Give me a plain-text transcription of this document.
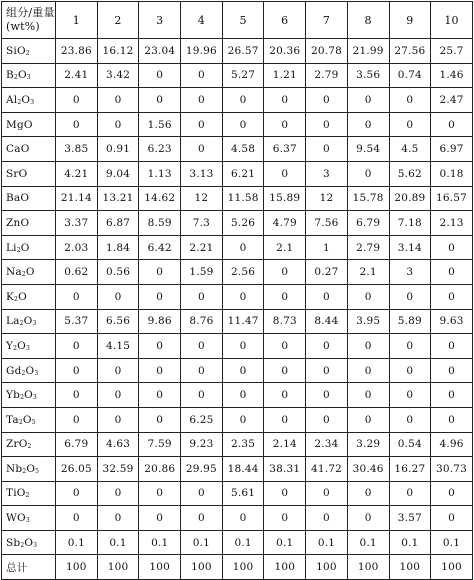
组分/重量(wt%)	1	2	3	4	5	6	7	8	9	10
SiO$_2$	23.86	16.12	23.04	19.96	26.57	20.36	20.78	21.99	27.56	25.7
$B_2O_3$	2.41	3.42	0	0	5.27	1.21	2.79	3.56	0.74	1.46
$Al_2O_3$	0	0	0	0	0	0	0	0	0	2.47
MgO	0	0	1.56	0	0	0	0	0	0	0
CaO	3.85	0.91	6.23	0	4.58	6.37	0	9.54	4.5	6.97
SrO	4.21	9.04	1.13	3.13	6.21	0	3	0	5.62	0.18
BaO	21.14	13.21	14.62	12	11.58	15.89	12	15.78	20.89	16.57
ZnO	3.37	6.87	8.59	7.3	5.26	4.79	7.56	6.79	7.18	2.13
$Li_2O$	2.03	1.84	6.42	2.21	0	2.1	1	2.79	3.14	0
$Na_2O$	0.62	0.56	0	1.59	2.56	0	0.27	2.1	3	0
$K_2O$	0	0	0	0	0	0	0	0	0	0
$La_2O_3$	5.37	6.56	9.86	8.76	11.47	8.73	8.44	3.95	5.89	9.63
$Y_2O_3$	0	4.15	0	0	0	0	0	0	0	0
$Gd_2O_3$	0	0	0	0	0	0	0	0	0	0
$Yb_2O_3$	0	0	0	0	0	0	0	0	0	0
$Ta_2O_5$	0	0	0	6.25	0	0	0	0	0	0
ZrO$_2$	6.79	4.63	7.59	9.23	2.35	2.14	2.34	3.29	0.54	4.96
$Nb_2O_5$	26.05	32.59	20.86	29.95	18.44	38.31	41.72	30.46	16.27	30.73
TiO$_2$	0	0	0	0	5.61	0	0	0	0	0
$WO_3$	0	0	0	0	0	0	0	0	3.57	0
$Sb_2O_3$	0.1	0.1	0.1	0.1	0.1	0.1	0.1	0.1	0.1	0.1
总计	100	100	100	100	100	100	100	100	100	100
